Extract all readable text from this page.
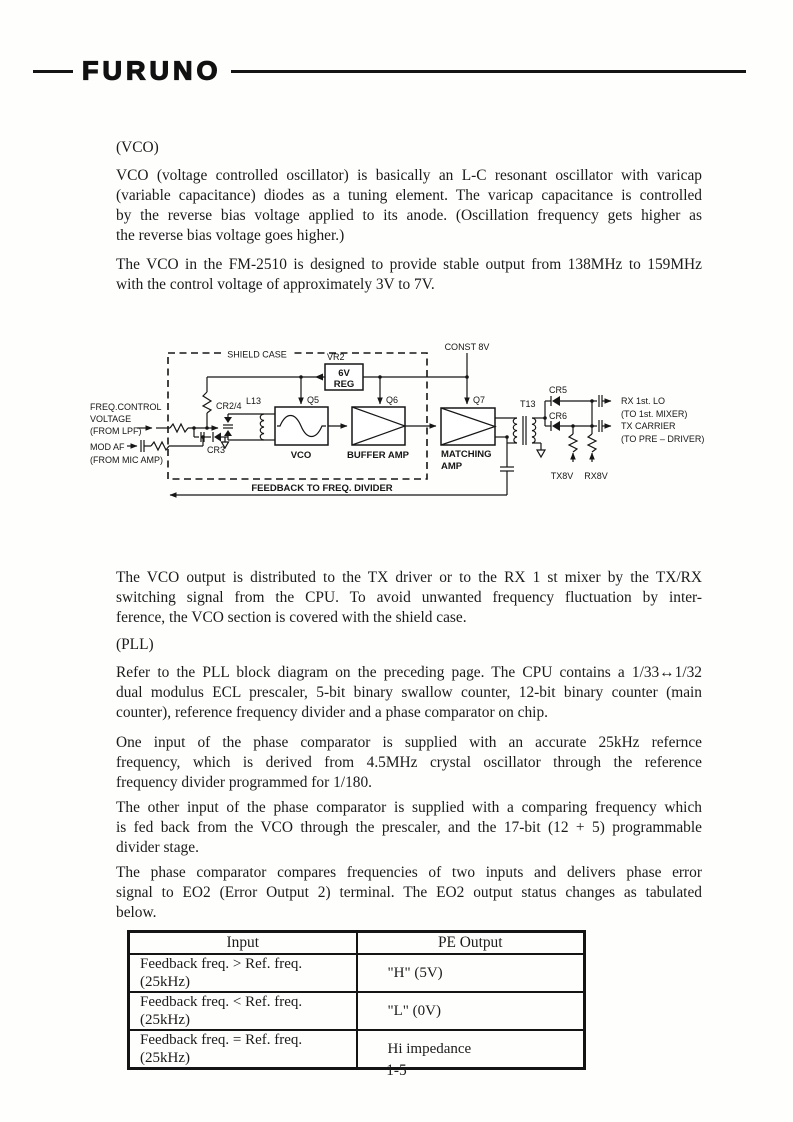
FURUNO
(VCO)
VCO (voltage controlled oscillator) is basically an L-C resonant oscillator with varicap
(variable capacitance) diodes as a tuning element. The varicap capacitance is controlled
by the reverse bias voltage applied to its anode. (Oscillation frequency gets higher as
the reverse bias voltage goes higher.)
The VCO in the FM-2510 is designed to provide stable output from 138MHz to 159MHz
with the control voltage of approximately 3V to 7V.
SHIELD CASE
CONST 8V
VR2
6V
REG
Q5	Q6	Q7
FREQ.CONTROL
VOLTAGE
(FROM LPF)
MOD AF
(FROM MIC AMP)
CR3
CR2/4 L13
VCO	BUFFER AMP	MATCHING
AMP
T13
CR5
RX 1st. LO
(TO 1st. MIXER)
CR6
TX CARRIER
(TO PRE – DRIVER)
TX8V RX8V
FEEDBACK TO FREQ. DIVIDER
The VCO output is distributed to the TX driver or to the RX 1 st mixer by the TX/RX
switching signal from the CPU. To avoid unwanted frequency fluctuation by inter-
ference, the VCO section is covered with the shield case.
(PLL)
Refer to the PLL block diagram on the preceding page. The CPU contains a 1/33↔1/32
dual modulus ECL prescaler, 5-bit binary swallow counter, 12-bit binary counter (main
counter), reference frequency divider and a phase comparator on chip.
One input of the phase comparator is supplied with an accurate 25kHz refernce
frequency, which is derived from 4.5MHz crystal oscillator through the reference
frequency divider programmed for 1/180.
The other input of the phase comparator is supplied with a comparing frequency which
is fed back from the VCO through the prescaler, and the 17-bit (12 + 5) programmable
divider stage.
The phase comparator compares frequencies of two inputs and delivers phase error
signal to EO2 (Error Output 2) terminal. The EO2 output status changes as tabulated
below.
Input	PE Output
Feedback freq. > Ref. freq. (25kHz)	"H" (5V)
Feedback freq. < Ref. freq. (25kHz)	"L" (0V)
Feedback freq. = Ref. freq. (25kHz)	Hi impedance
1-5
